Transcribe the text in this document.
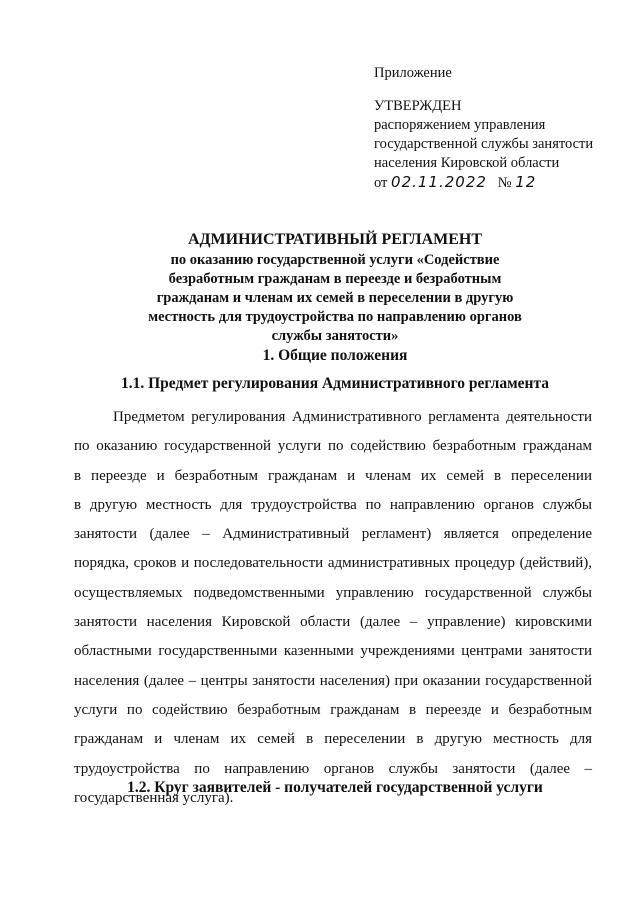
Приложение
УТВЕРЖДЕН
распоряжением управления
государственной службы занятости
населения Кировской области
от 02.11.2022 № 12
АДМИНИСТРАТИВНЫЙ РЕГЛАМЕНТ
по оказанию государственной услуги «Содействие
безработным гражданам в переезде и безработным
гражданам и членам их семей в переселении в другую
местность для трудоустройства по направлению органов
службы занятости»
1. Общие положения
1.1. Предмет регулирования Административного регламента
Предметом регулирования Административного регламента деятельности
по оказанию государственной услуги по содействию безработным гражданам
в переезде и безработным гражданам и членам их семей в переселении
в другую местность для трудоустройства по направлению органов службы
занятости (далее – Административный регламент) является определение
порядка, сроков и последовательности административных процедур (действий),
осуществляемых подведомственными управлению государственной службы
занятости населения Кировской области (далее – управление) кировскими
областными государственными казенными учреждениями центрами занятости
населения (далее – центры занятости населения) при оказании государственной
услуги по содействию безработным гражданам в переезде и безработным
гражданам и членам их семей в переселении в другую местность для
трудоустройства по направлению органов службы занятости (далее –
государственная услуга).
1.2. Круг заявителей - получателей государственной услуги
